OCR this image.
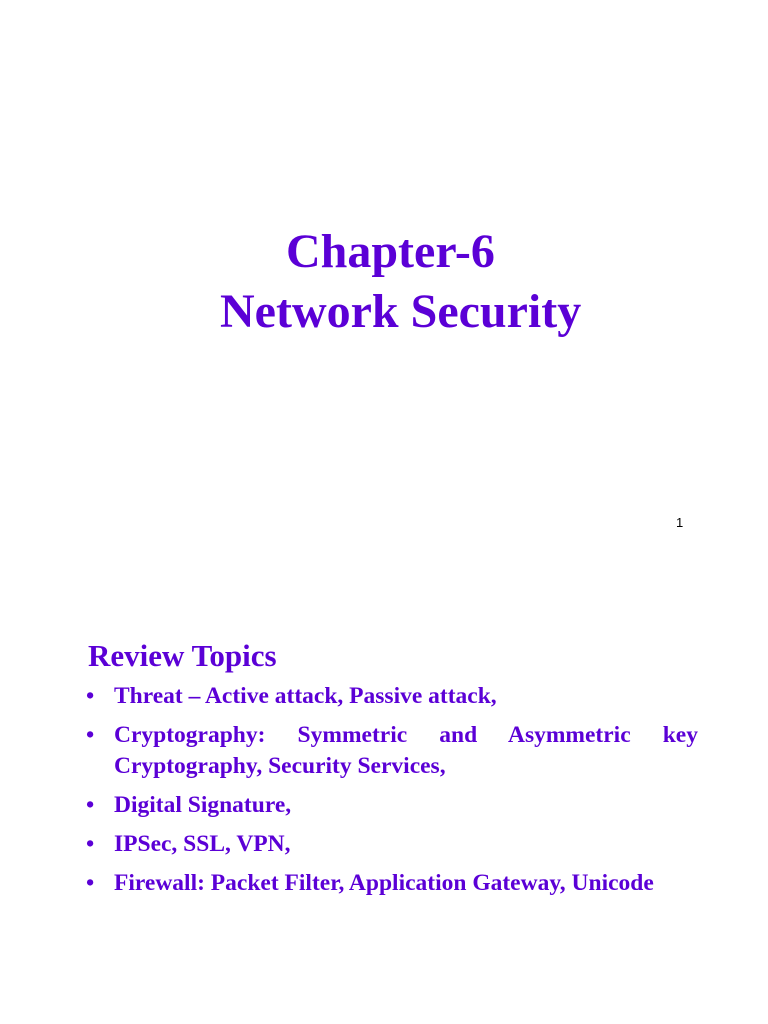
Chapter-6
Network Security
1
Review Topics
• Threat – Active attack, Passive attack,
• Cryptography: Symmetric and Asymmetric key Cryptography, Security Services,
• Digital Signature,
• IPSec, SSL, VPN,
• Firewall: Packet Filter, Application Gateway, Unicode
